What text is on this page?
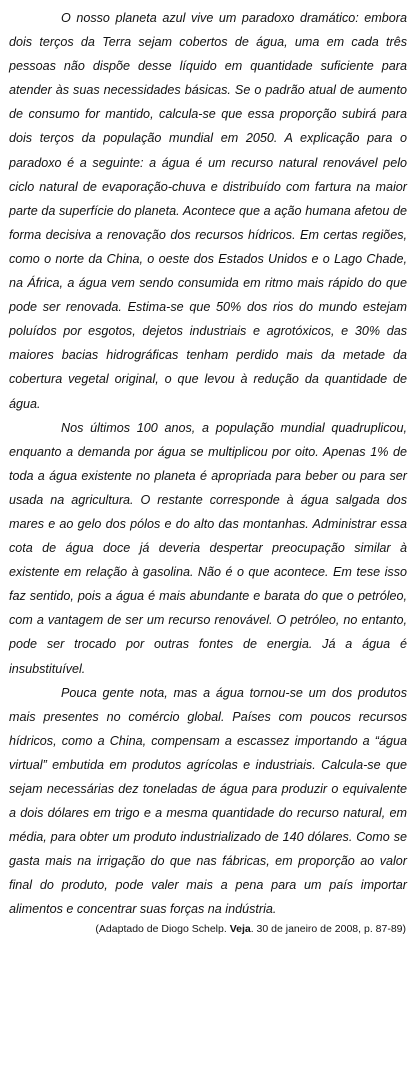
O nosso planeta azul vive um paradoxo dramático: embora dois terços da Terra sejam cobertos de água, uma em cada três pessoas não dispõe desse líquido em quantidade suficiente para atender às suas necessidades básicas. Se o padrão atual de aumento de consumo for mantido, calcula-se que essa proporção subirá para dois terços da população mundial em 2050. A explicação para o paradoxo é a seguinte: a água é um recurso natural renovável pelo ciclo natural de evaporação-chuva e distribuído com fartura na maior parte da superfície do planeta. Acontece que a ação humana afetou de forma decisiva a renovação dos recursos hídricos. Em certas regiões, como o norte da China, o oeste dos Estados Unidos e o Lago Chade, na África, a água vem sendo consumida em ritmo mais rápido do que pode ser renovada. Estima-se que 50% dos rios do mundo estejam poluídos por esgotos, dejetos industriais e agrotóxicos, e 30% das maiores bacias hidrográficas tenham perdido mais da metade da cobertura vegetal original, o que levou à redução da quantidade de água.

Nos últimos 100 anos, a população mundial quadruplicou, enquanto a demanda por água se multiplicou por oito. Apenas 1% de toda a água existente no planeta é apropriada para beber ou para ser usada na agricultura. O restante corresponde à água salgada dos mares e ao gelo dos pólos e do alto das montanhas. Administrar essa cota de água doce já deveria despertar preocupação similar à existente em relação à gasolina. Não é o que acontece. Em tese isso faz sentido, pois a água é mais abundante e barata do que o petróleo, com a vantagem de ser um recurso renovável. O petróleo, no entanto, pode ser trocado por outras fontes de energia. Já a água é insubstituível.

Pouca gente nota, mas a água tornou-se um dos produtos mais presentes no comércio global. Países com poucos recursos hídricos, como a China, compensam a escassez importando a “água virtual” embutida em produtos agrícolas e industriais. Calcula-se que sejam necessárias dez toneladas de água para produzir o equivalente a dois dólares em trigo e a mesma quantidade do recurso natural, em média, para obter um produto industrializado de 140 dólares. Como se gasta mais na irrigação do que nas fábricas, em proporção ao valor final do produto, pode valer mais a pena para um país importar alimentos e concentrar suas forças na indústria.

(Adaptado de Diogo Schelp. Veja. 30 de janeiro de 2008, p. 87-89)
